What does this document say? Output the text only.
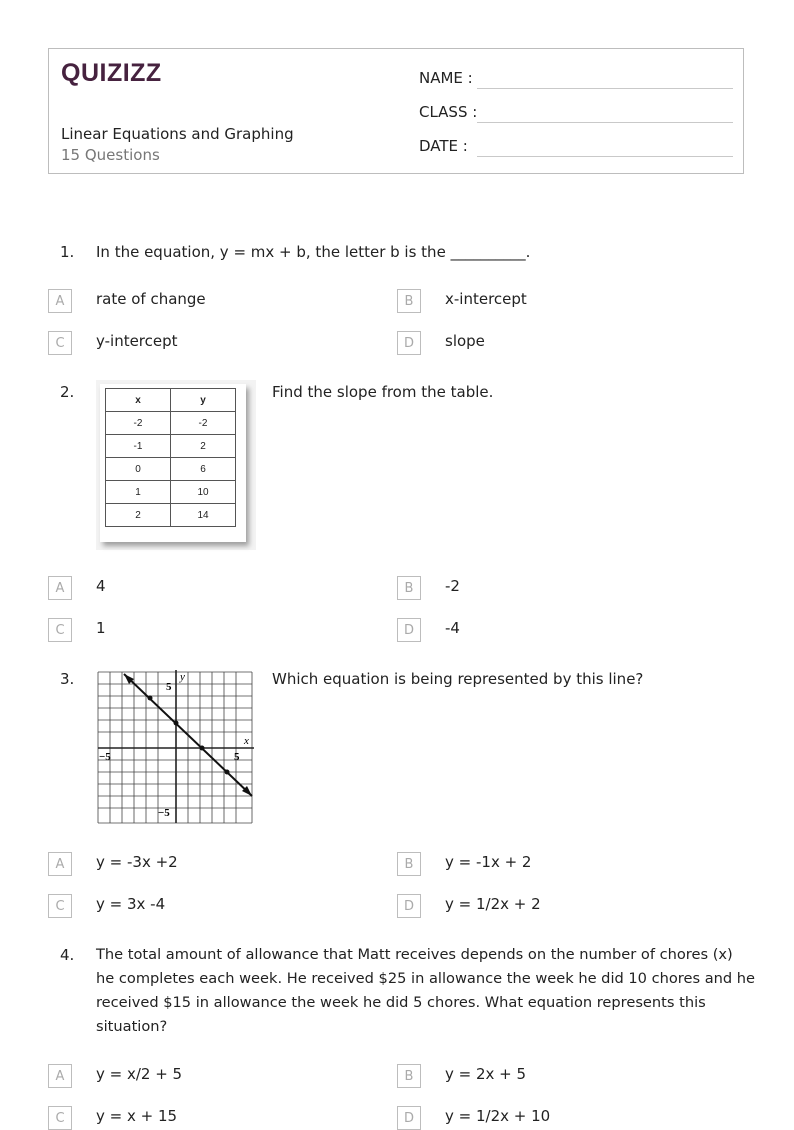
QUIZIZZ
Linear Equations and Graphing
15 Questions
NAME :
CLASS :
DATE :
1. In the equation, y = mx + b, the letter b is the __________.
A	rate of change	B	x-intercept
C	y-intercept	D	slope
2.	x	y
-2	-2
-1	2
0	6
1	10
2	14
Find the slope from the table.
A	4	B	-2
C	1	D	-4
3.	y
x
5
−5
−5	5
Which equation is being represented by this line?
A	y = -3x +2	B	y = -1x + 2
C	y = 3x -4	D	y = 1/2x + 2
4. The total amount of allowance that Matt receives depends on the number of chores (x)
he completes each week. He received $25 in allowance the week he did 10 chores and he
received $15 in allowance the week he did 5 chores. What equation represents this
situation?
A	y = x/2 + 5	B	y = 2x + 5
C	y = x + 15	D	y = 1/2x + 10
